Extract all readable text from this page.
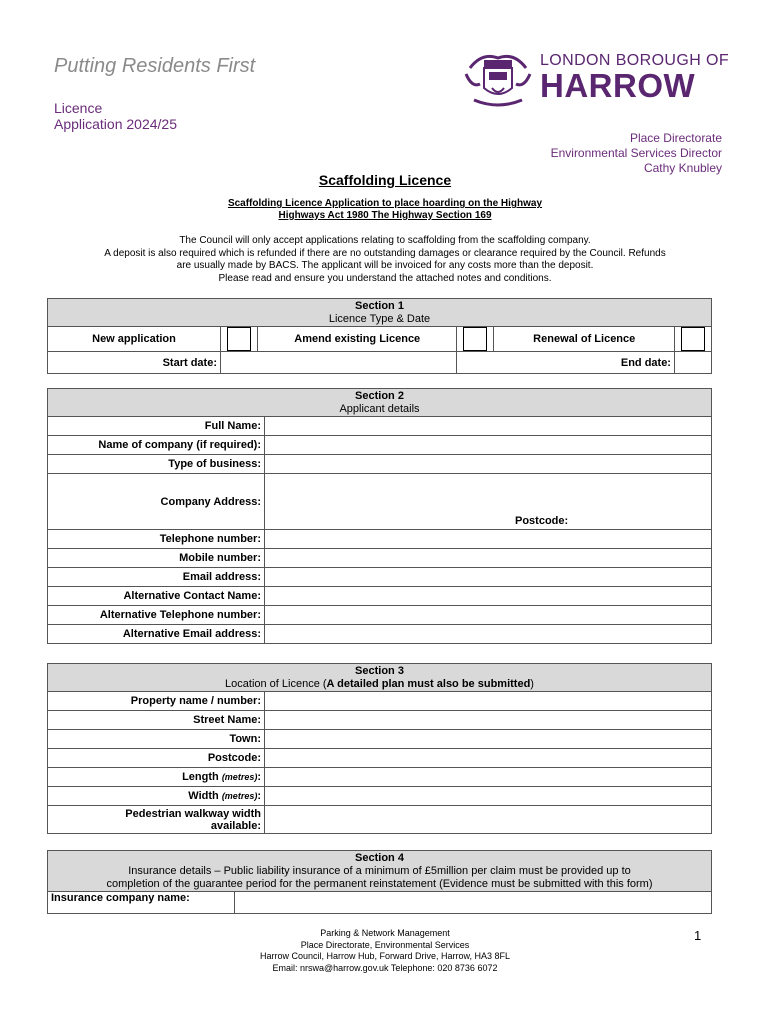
Putting Residents First
Licence
Application 2024/25
LONDON BOROUGH OF
HARROW
Place Directorate
Environmental Services Director
Cathy Knubley
Scaffolding Licence
Scaffolding Licence Application to place hoarding on the Highway
Highways Act 1980 The Highway Section 169
The Council will only accept applications relating to scaffolding from the scaffolding company.
A deposit is also required which is refunded if there are no outstanding damages or clearance required by the Council. Refunds
are usually made by BACS. The applicant will be invoiced for any costs more than the deposit.
Please read and ensure you understand the attached notes and conditions.
Section 1
Licence Type & Date					
New application		Amend existing Licence		Renewal of Licence	
Start date:			End date:		
Section 2
Applicant details	
Full Name:	
Name of company (if required):	
Type of business:	
Company Address:	Postcode:
Telephone number:	
Mobile number:	
Email address:	
Alternative Contact Name:	
Alternative Telephone number:	
Alternative Email address:	
Section 3
Location of Licence (A detailed plan must also be submitted)	
Property name / number:	
Street Name:	
Town:	
Postcode:	
Length (metres):	
Width (metres):	

Pedestrian walkway width
available:	

Section 4
Insurance details – Public liability insurance of a minimum of £5million per claim must be provided up to
completion of the guarantee period for the permanent reinstatement (Evidence must be submitted with this form)

Insurance company name:	
Parking & Network Management
Place Directorate, Environmental Services
Harrow Council, Harrow Hub, Forward Drive, Harrow, HA3 8FL
Email: nrswa@harrow.gov.uk Telephone: 020 8736 6072
1
